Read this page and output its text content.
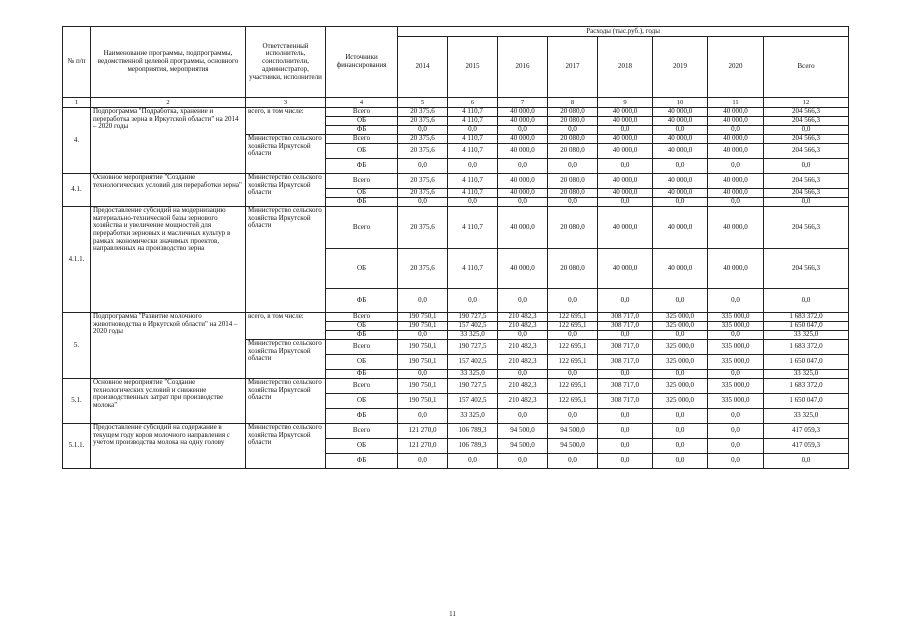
№ п/п	Наименование программы, подпрограммы, ведомственной целевой программы, основного мероприятия, мероприятия	Ответственный исполнитель, соисполнители, администратор, участники, исполнители	Источники финансирования	Расходы (тыс.руб.), годы							
				2014	2015	2016	2017	2018	2019	2020	Всего
1	2	3	4	5	6	7	8	9	10	11	12
4.	Подпрограмма "Подработка, хранение и переработка зерна в Иркутской области" на 2014 – 2020 годы	всего, в том числе:	Всего	20 375,6	4 110,7	40 000,0	20 080,0	40 000,0	40 000,0	40 000,0	204 566,3
			ОБ	20 375,6	4 110,7	40 000,0	20 080,0	40 000,0	40 000,0	40 000,0	204 566,3
			ФБ	0,0	0,0	0,0	0,0	0,0	0,0	0,0	0,0
		Министерство сельского хозяйства Иркутской области	Всего	20 375,6	4 110,7	40 000,0	20 080,0	40 000,0	40 000,0	40 000,0	204 566,3
			ОБ	20 375,6	4 110,7	40 000,0	20 080,0	40 000,0	40 000,0	40 000,0	204 566,3
			ФБ	0,0	0,0	0,0	0,0	0,0	0,0	0,0	0,0
4.1.	Основное мероприятие "Создание технологических условий для переработки зерна"	Министерство сельского хозяйства Иркутской области	Всего	20 375,6	4 110,7	40 000,0	20 080,0	40 000,0	40 000,0	40 000,0	204 566,3
			ОБ	20 375,6	4 110,7	40 000,0	20 080,0	40 000,0	40 000,0	40 000,0	204 566,3
			ФБ	0,0	0,0	0,0	0,0	0,0	0,0	0,0	0,0
4.1.1.	Предоставление субсидий на модернизацию материально-технической базы зернового хозяйства и увеличение мощностей для переработки зерновых и масличных культур в рамках экономически значимых проектов, направленных на производство зерна	Министерство сельского хозяйства Иркутской области	Всего	20 375,6	4 110,7	40 000,0	20 080,0	40 000,0	40 000,0	40 000,0	204 566,3
			ОБ	20 375,6	4 110,7	40 000,0	20 080,0	40 000,0	40 000,0	40 000,0	204 566,3
			ФБ	0,0	0,0	0,0	0,0	0,0	0,0	0,0	0,0
5.	Подпрограмма "Развитие молочного животноводства в Иркутской области" на 2014 – 2020 годы	всего, в том числе:	Всего	190 750,1	190 727,5	210 482,3	122 695,1	308 717,0	325 000,0	335 000,0	1 683 372,0
			ОБ	190 750,1	157 402,5	210 482,3	122 695,1	308 717,0	325 000,0	335 000,0	1 650 047,0
			ФБ	0,0	33 325,0	0,0	0,0	0,0	0,0	0,0	33 325,0
		Министерство сельского хозяйства Иркутской области	Всего	190 750,1	190 727,5	210 482,3	122 695,1	308 717,0	325 000,0	335 000,0	1 683 372,0
			ОБ	190 750,1	157 402,5	210 482,3	122 695,1	308 717,0	325 000,0	335 000,0	1 650 047,0
			ФБ	0,0	33 325,0	0,0	0,0	0,0	0,0	0,0	33 325,0
5.1.	Основное мероприятие "Создание технологических условий и снижение производственных затрат при производстве молока"	Министерство сельского хозяйства Иркутской области	Всего	190 750,1	190 727,5	210 482,3	122 695,1	308 717,0	325 000,0	335 000,0	1 683 372,0
			ОБ	190 750,1	157 402,5	210 482,3	122 695,1	308 717,0	325 000,0	335 000,0	1 650 047,0
			ФБ	0,0	33 325,0	0,0	0,0	0,0	0,0	0,0	33 325,0
5.1.1.	Предоставление субсидий на содержание в текущем году коров молочного направления с учетом производства молока на одну голову	Министерство сельского хозяйства Иркутской области	Всего	121 270,0	106 789,3	94 500,0	94 500,0	0,0	0,0	0,0	417 059,3
			ОБ	121 270,0	106 789,3	94 500,0	94 500,0	0,0	0,0	0,0	417 059,3
			ФБ	0,0	0,0	0,0	0,0	0,0	0,0	0,0	0,0
11
